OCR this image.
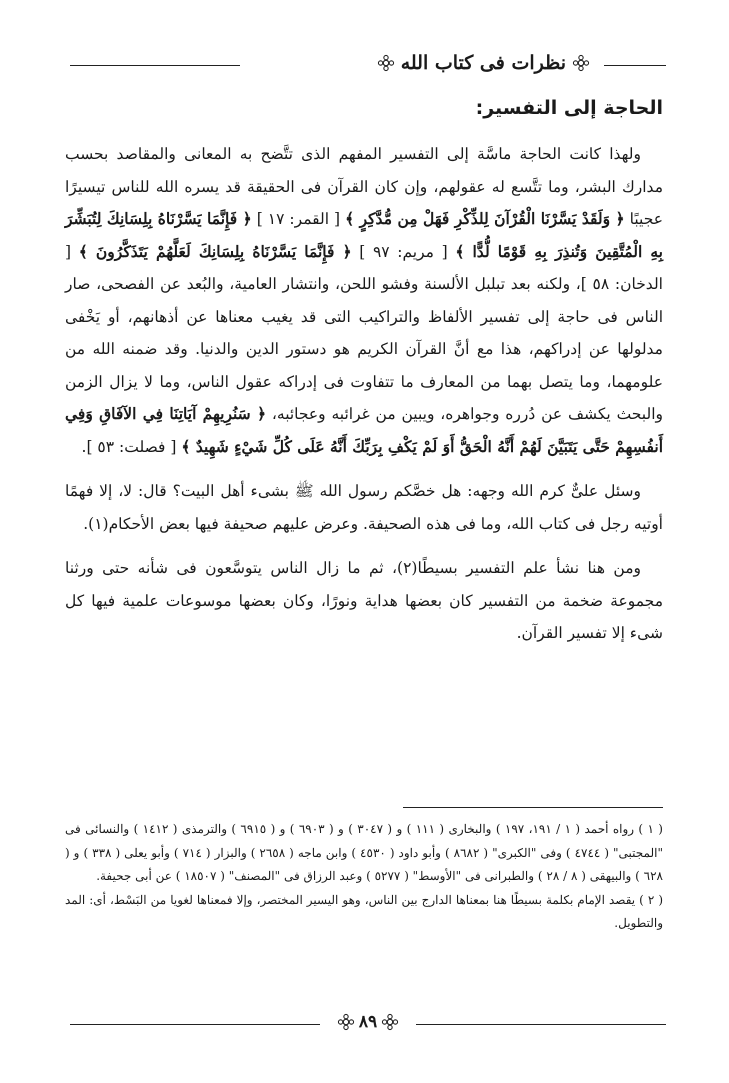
نظرات فى كتاب الله
الحاجة إلى التفسير:

ولهذا كانت الحاجة ماسَّة إلى التفسير المفهم الذى تتَّضح به المعانى والمقاصد بحسب مدارك البشر، وما تتَّسع له عقولهم، وإن كان القرآن فى الحقيقة قد يسره الله للناس تيسيرًا عجيبًا ﴿ وَلَقَدْ يَسَّرْنَا الْقُرْآنَ لِلذِّكْرِ فَهَلْ مِن مُّدَّكِرٍ ﴾ [ القمر: ١٧ ] ﴿ فَإِنَّمَا يَسَّرْنَاهُ بِلِسَانِكَ لِتُبَشِّرَ بِهِ الْمُتَّقِينَ وَتُنذِرَ بِهِ قَوْمًا لُّدًّا ﴾ [ مريم: ٩٧ ] ﴿ فَإِنَّمَا يَسَّرْنَاهُ بِلِسَانِكَ لَعَلَّهُمْ يَتَذَكَّرُونَ ﴾ [ الدخان: ٥٨ ]، ولكنه بعد تبلبل الألسنة وفشو اللحن، وانتشار العامية، والبُعد عن الفصحى، صار الناس فى حاجة إلى تفسير الألفاظ والتراكيب التى قد يغيب معناها عن أذهانهم، أو يَخْفى مدلولها عن إدراكهم، هذا مع أنَّ القرآن الكريم هو دستور الدين والدنيا. وقد ضمنه الله من علومهما، وما يتصل بهما من المعارف ما تتفاوت فى إدراكه عقول الناس، وما لا يزال الزمن والبحث يكشف عن دُرره وجواهره، ويبين من غرائبه وعجائبه، ﴿ سَنُرِيهِمْ آيَاتِنَا فِي الآفَاقِ وَفِي أَنفُسِهِمْ حَتَّى يَتَبَيَّنَ لَهُمْ أَنَّهُ الْحَقُّ أَوَ لَمْ يَكْفِ بِرَبِّكَ أَنَّهُ عَلَى كُلِّ شَيْءٍ شَهِيدٌ ﴾ [ فصلت: ٥٣ ].

وسئل علىٌّ كرم الله وجهه: هل خصَّكم رسول الله ﷺ بشىء أهل البيت؟ قال: لا، إلا فهمًا أوتيه رجل فى كتاب الله، وما فى هذه الصحيفة. وعرض عليهم صحيفة فيها بعض الأحكام(١).

ومن هنا نشأ علم التفسير بسيطًا(٢)، ثم ما زال الناس يتوسَّعون فى شأنه حتى ورثنا مجموعة ضخمة من التفسير كان بعضها هداية ونورًا، وكان بعضها موسوعات علمية فيها كل شىء إلا تفسير القرآن.

( ١ ) رواه أحمد ( ١ / ١٩١، ١٩٧ ) والبخارى ( ١١١ ) و ( ٣٠٤٧ ) و ( ٦٩٠٣ ) و ( ٦٩١٥ ) والترمذى ( ١٤١٢ ) والنسائى فى "المجتبى" ( ٤٧٤٤ ) وفى "الكبرى" ( ٨٦٨٢ ) وأبو داود ( ٤٥٣٠ ) وابن ماجه ( ٢٦٥٨ ) والبزار ( ٧١٤ ) وأبو يعلى ( ٣٣٨ ) و ( ٦٢٨ ) والبيهقى ( ٨ / ٢٨ ) والطبرانى فى "الأوسط" ( ٥٢٧٧ ) وعبد الرزاق فى "المصنف" ( ١٨٥٠٧ ) عن أبى جحيفة.

( ٢ ) يقصد الإمام بكلمة بسيطًا هنا بمعناها الدارج بين الناس، وهو اليسير المختصر، وإلا فمعناها لغويا من البَسْط، أى: المد والتطويل.

٨٩
